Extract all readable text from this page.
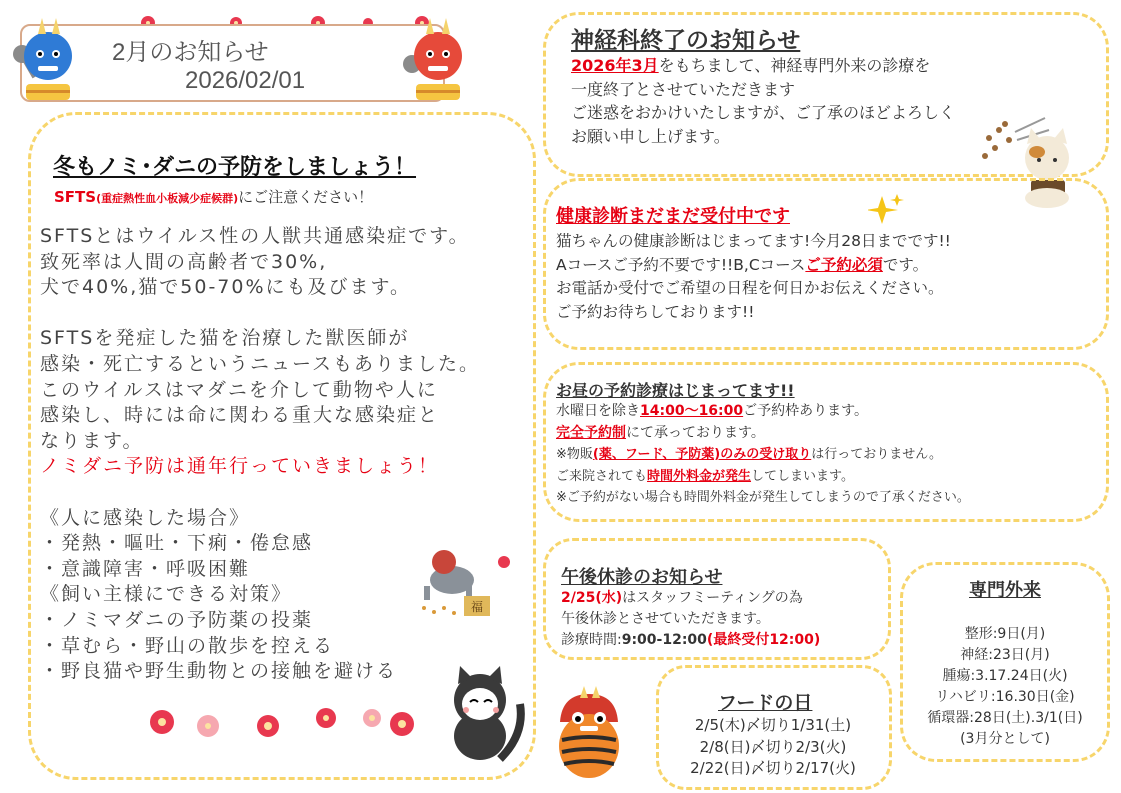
2月のお知らせ
2026/02/01
冬もノミ･ダニの予防をしましょう！
SFTS(重症熱性血小板減少症候群)にご注意ください！
SFTSとはウイルス性の人獣共通感染症です。
致死率は人間の高齢者で30%,
犬で40%,猫で50-70%にも及びます。

SFTSを発症した猫を治療した獣医師が
感染・死亡するというニュースもありました。
このウイルスはマダニを介して動物や人に
感染し、時には命に関わる重大な感染症と
なります。
ノミダニ予防は通年行っていきましょう！

《人に感染した場合》
・発熱・嘔吐・下痢・倦怠感
・意識障害・呼吸困難
《飼い主様にできる対策》
・ノミマダニの予防薬の投薬
・草むら・野山の散歩を控える
・野良猫や野生動物との接触を避ける
福
神経科終了のお知らせ
2026年3月をもちまして、神経専門外来の診療を
一度終了とさせていただきます
ご迷惑をおかけいたしますが、ご了承のほどよろしく
お願い申し上げます。
健康診断まだまだ受付中です
猫ちゃんの健康診断はじまってます!今月28日までです!!
Aコースご予約不要です!!B,Cコースご予約必須です。
お電話か受付でご希望の日程を何日かお伝えください。
ご予約お待ちしております!!
お昼の予約診療はじまってます!!
水曜日を除き14:00～16:00ご予約枠あります。
完全予約制にて承っております。
※物販(薬、フード、予防薬)のみの受け取りは行っておりません。
ご来院されても時間外料金が発生してしまいます。
※ご予約がない場合も時間外料金が発生してしまうので了承ください。
午後休診のお知らせ
2/25(水)はスタッフミーティングの為
午後休診とさせていただきます。
診療時間:9:00-12:00(最終受付12:00)
フードの日
2/5(木)〆切り1/31(土)
2/8(日)〆切り2/3(火)
2/22(日)〆切り2/17(火)
専門外来
整形:9日(月)
神経:23日(月)
腫瘍:3.17.24日(火)
リハビリ:16.30日(金)
循環器:28日(土).3/1(日)
(3月分として)
